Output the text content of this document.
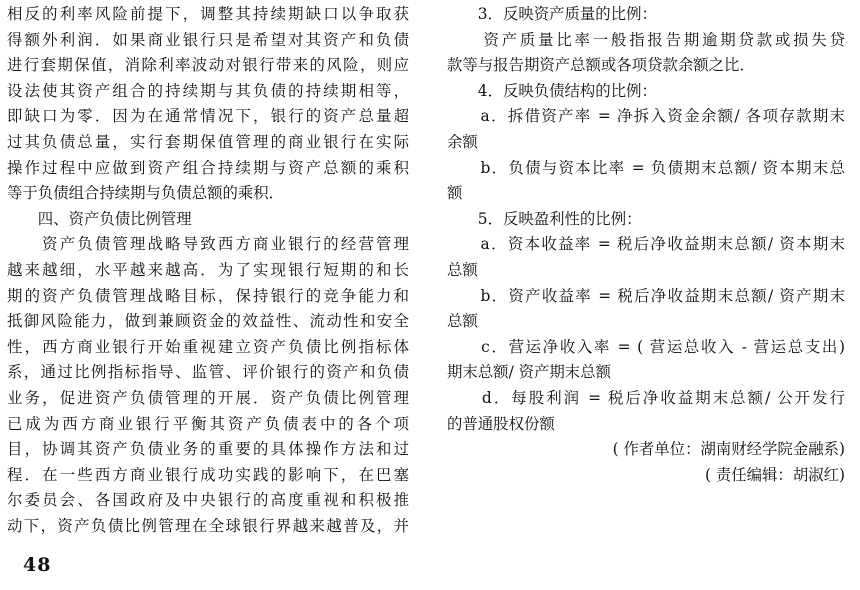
相反的利率风险前提下，调整其持续期缺口以争取获
得额外利润．如果商业银行只是希望对其资产和负债
进行套期保值，消除利率波动对银行带来的风险，则应
设法使其资产组合的持续期与其负债的持续期相等，
即缺口为零．因为在通常情况下，银行的资产总量超
过其负债总量，实行套期保值管理的商业银行在实际
操作过程中应做到资产组合持续期与资产总额的乘积
等于负债组合持续期与负债总额的乘积．
　　四、资产负债比例管理
　　资产负债管理战略导致西方商业银行的经营管理
越来越细，水平越来越高．为了实现银行短期的和长
期的资产负债管理战略目标，保持银行的竞争能力和
抵御风险能力，做到兼顾资金的效益性、流动性和安全
性，西方商业银行开始重视建立资产负债比例指标体
系，通过比例指标指导、监管、评价银行的资产和负债
业务，促进资产负债管理的开展．资产负债比例管理
已成为西方商业银行平衡其资产负债表中的各个项
目，协调其资产负债业务的重要的具体操作方法和过
程．在一些西方商业银行成功实践的影响下，在巴塞
尔委员会、各国政府及中央银行的高度重视和积极推
动下，资产负债比例管理在全球银行界越来越普及，并
　　3．反映资产质量的比例：
　　资产质量比率一般指报告期逾期贷款或损失贷
款等与报告期资产总额或各项贷款余额之比．
　　4．反映负债结构的比例：
　　a．拆借资产率 = 净拆入资金余额/ 各项存款期末
余额
　　b．负债与资本比率 = 负债期末总额/ 资本期末总
额
　　5．反映盈利性的比例：
　　a．资本收益率 = 税后净收益期末总额/ 资本期末
总额
　　b．资产收益率 = 税后净收益期末总额/ 资产期末
总额
　　c．营运净收入率 = ( 营运总收入 - 营运总支出)
期末总额/ 资产期末总额
　　d．每股利润 = 税后净收益期末总额/ 公开发行
的普通股权份额
( 作者单位：湖南财经学院金融系)
( 责任编辑：胡淑红)
48
